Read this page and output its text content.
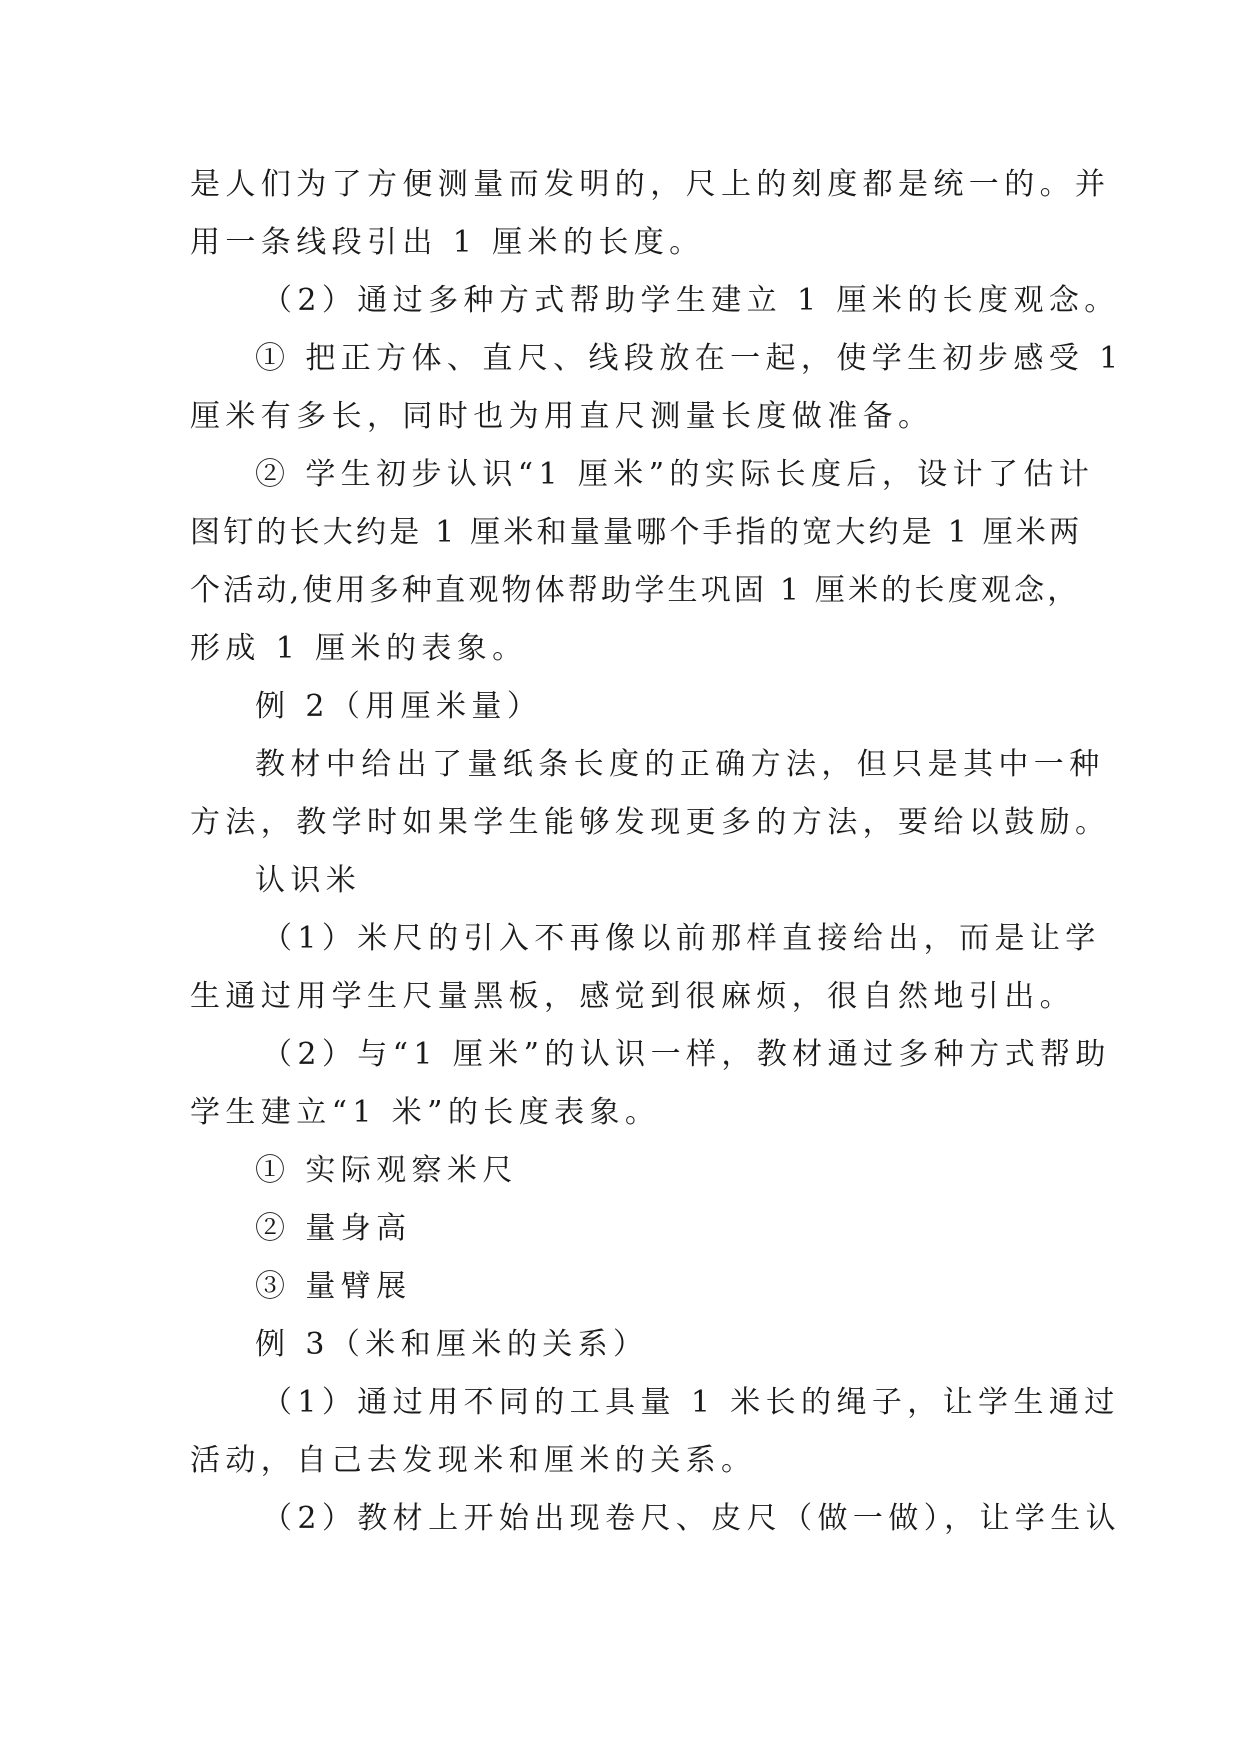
是人们为了方便测量而发明的，尺上的刻度都是统一的。并

用一条线段引出 1 厘米的长度。

（2）通过多种方式帮助学生建立 1 厘米的长度观念。

① 把正方体、直尺、线段放在一起，使学生初步感受 1

厘米有多长，同时也为用直尺测量长度做准备。

② 学生初步认识“1 厘米”的实际长度后，设计了估计

图钉的长大约是 1 厘米和量量哪个手指的宽大约是 1 厘米两

个活动,使用多种直观物体帮助学生巩固 1 厘米的长度观念，

形成 1 厘米的表象。

例 2（用厘米量）

教材中给出了量纸条长度的正确方法，但只是其中一种

方法，教学时如果学生能够发现更多的方法，要给以鼓励。

认识米

（1）米尺的引入不再像以前那样直接给出，而是让学

生通过用学生尺量黑板，感觉到很麻烦，很自然地引出。

（2）与“1 厘米”的认识一样，教材通过多种方式帮助

学生建立“1 米”的长度表象。

① 实际观察米尺

② 量身高

③ 量臂展

例 3（米和厘米的关系）

（1）通过用不同的工具量 1 米长的绳子，让学生通过

活动，自己去发现米和厘米的关系。

（2）教材上开始出现卷尺、皮尺（做一做），让学生认
